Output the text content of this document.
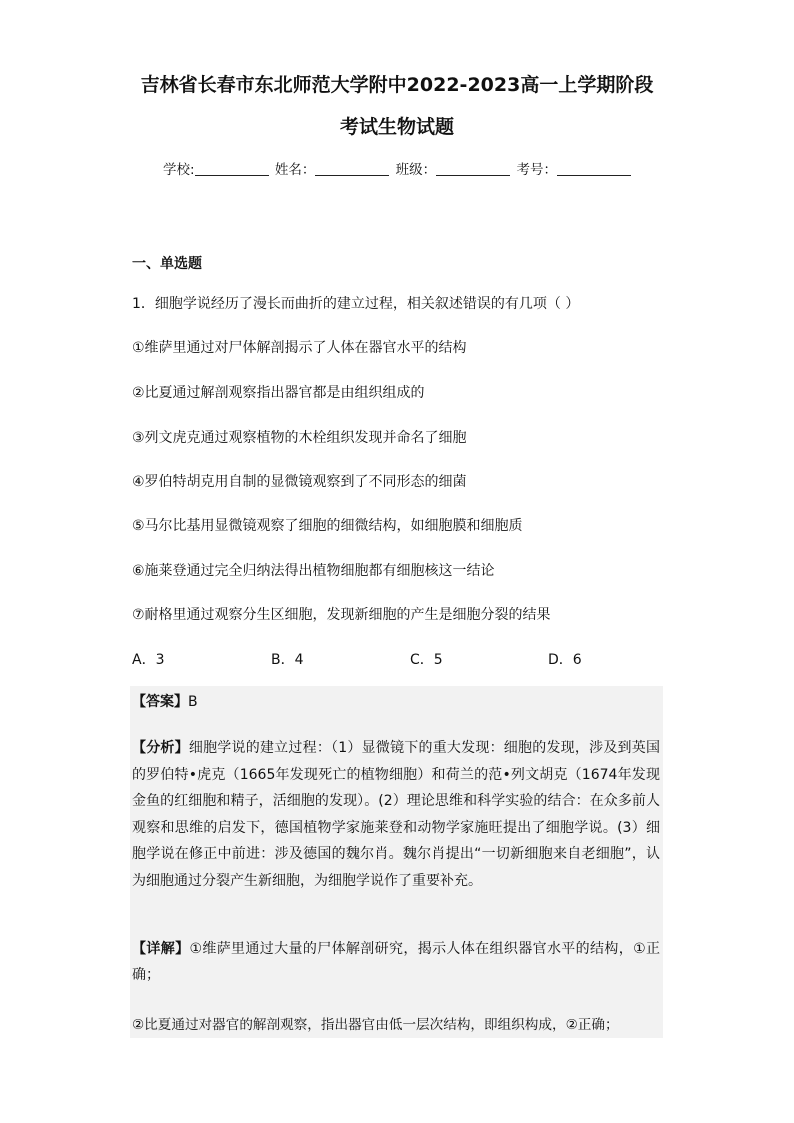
吉林省长春市东北师范大学附中2022-2023高一上学期阶段
考试生物试题
学校:	姓名：	班级：	考号：
一、单选题
1．细胞学说经历了漫长而曲折的建立过程，相关叙述错误的有几项（ ）
①维萨里通过对尸体解剖揭示了人体在器官水平的结构
②比夏通过解剖观察指出器官都是由组织组成的
③列文虎克通过观察植物的木栓组织发现并命名了细胞
④罗伯特胡克用自制的显微镜观察到了不同形态的细菌
⑤马尔比基用显微镜观察了细胞的细微结构，如细胞膜和细胞质
⑥施莱登通过完全归纳法得出植物细胞都有细胞核这一结论
⑦耐格里通过观察分生区细胞，发现新细胞的产生是细胞分裂的结果
A．3	B．4	C．5	D．6
【答案】B
【分析】细胞学说的建立过程：（1）显微镜下的重大发现：细胞的发现，涉及到英国的罗伯特•虎克（1665年发现死亡的植物细胞）和荷兰的范•列文胡克（1674年发现金鱼的红细胞和精子，活细胞的发现）。(2）理论思维和科学实验的结合：在众多前人观察和思维的启发下，德国植物学家施莱登和动物学家施旺提出了细胞学说。(3）细胞学说在修正中前进：涉及德国的魏尔肖。魏尔肖提出“一切新细胞来自老细胞”，认为细胞通过分裂产生新细胞，为细胞学说作了重要补充。
【详解】①维萨里通过大量的尸体解剖研究，揭示人体在组织器官水平的结构，①正确；
②比夏通过对器官的解剖观察，指出器官由低一层次结构，即组织构成，②正确；
